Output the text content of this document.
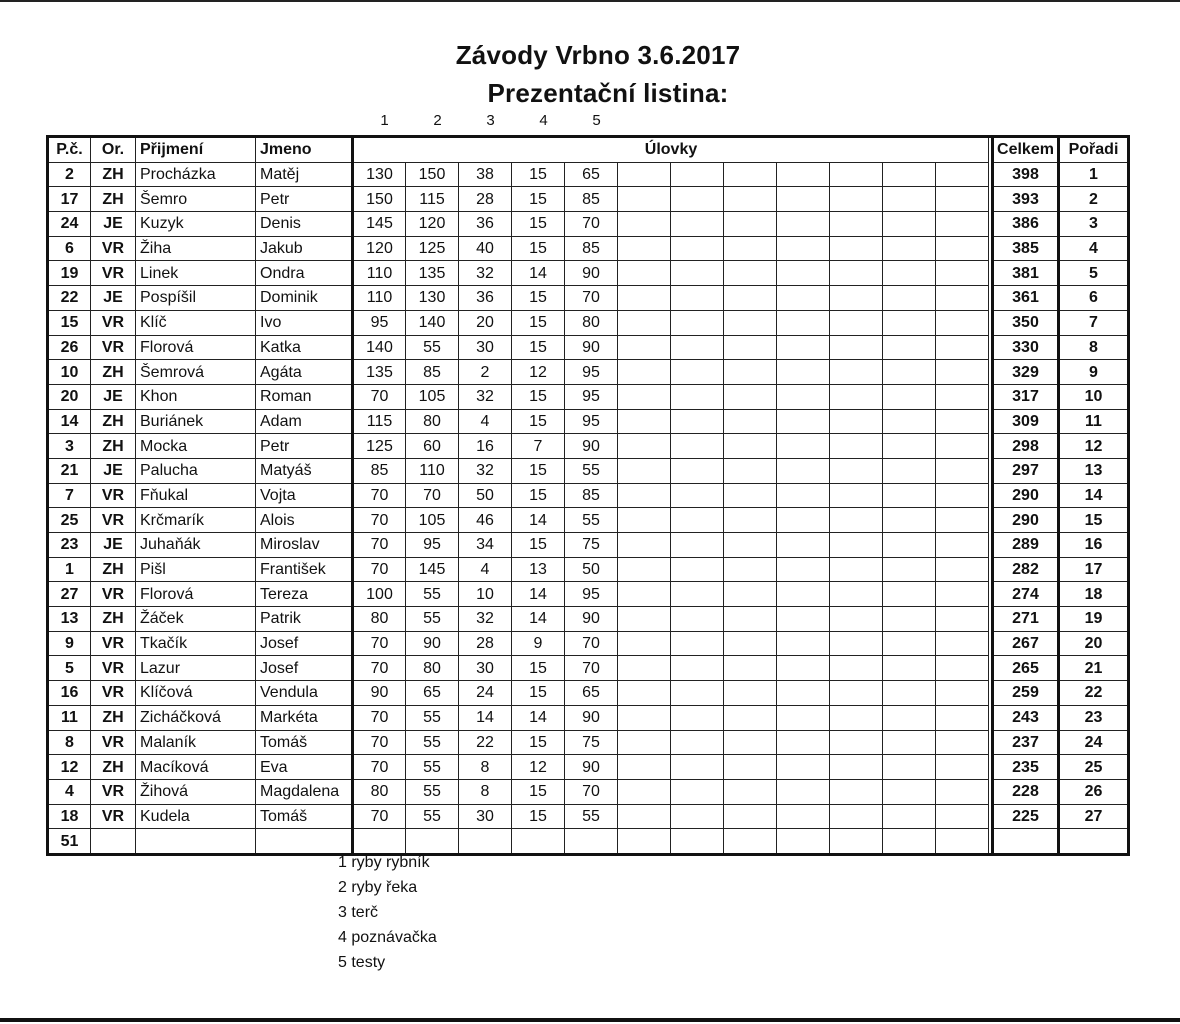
Závody Vrbno 3.6.2017
Prezentační listina:
1	2	3	4	5
P.č.	Or.	Přijmení	Jmeno	Úlovky													Celkem	Pořadi
2	ZH	Procházka	Matěj	130	150	38	15	65									398	1
17	ZH	Šemro	Petr	150	115	28	15	85									393	2
24	JE	Kuzyk	Denis	145	120	36	15	70									386	3
6	VR	Žiha	Jakub	120	125	40	15	85									385	4
19	VR	Linek	Ondra	110	135	32	14	90									381	5
22	JE	Pospíšil	Dominik	110	130	36	15	70									361	6
15	VR	Klíč	Ivo	95	140	20	15	80									350	7
26	VR	Florová	Katka	140	55	30	15	90									330	8
10	ZH	Šemrová	Agáta	135	85	2	12	95									329	9
20	JE	Khon	Roman	70	105	32	15	95									317	10
14	ZH	Buriánek	Adam	115	80	4	15	95									309	11
3	ZH	Mocka	Petr	125	60	16	7	90									298	12
21	JE	Palucha	Matyáš	85	110	32	15	55									297	13
7	VR	Fňukal	Vojta	70	70	50	15	85									290	14
25	VR	Krčmarík	Alois	70	105	46	14	55									290	15
23	JE	Juhaňák	Miroslav	70	95	34	15	75									289	16
1	ZH	Pišl	František	70	145	4	13	50									282	17
27	VR	Florová	Tereza	100	55	10	14	95									274	18
13	ZH	Žáček	Patrik	80	55	32	14	90									271	19
9	VR	Tkačík	Josef	70	90	28	9	70									267	20
5	VR	Lazur	Josef	70	80	30	15	70									265	21
16	VR	Klíčová	Vendula	90	65	24	15	65									259	22
11	ZH	Zicháčková	Markéta	70	55	14	14	90									243	23
8	VR	Malaník	Tomáš	70	55	22	15	75									237	24
12	ZH	Macíková	Eva	70	55	8	12	90									235	25
4	VR	Žihová	Magdalena	80	55	8	15	70									228	26
18	VR	Kudela	Tomáš	70	55	30	15	55									225	27
51																		
1 ryby rybník
2 ryby řeka
3 terč
4 poznávačka
5 testy
